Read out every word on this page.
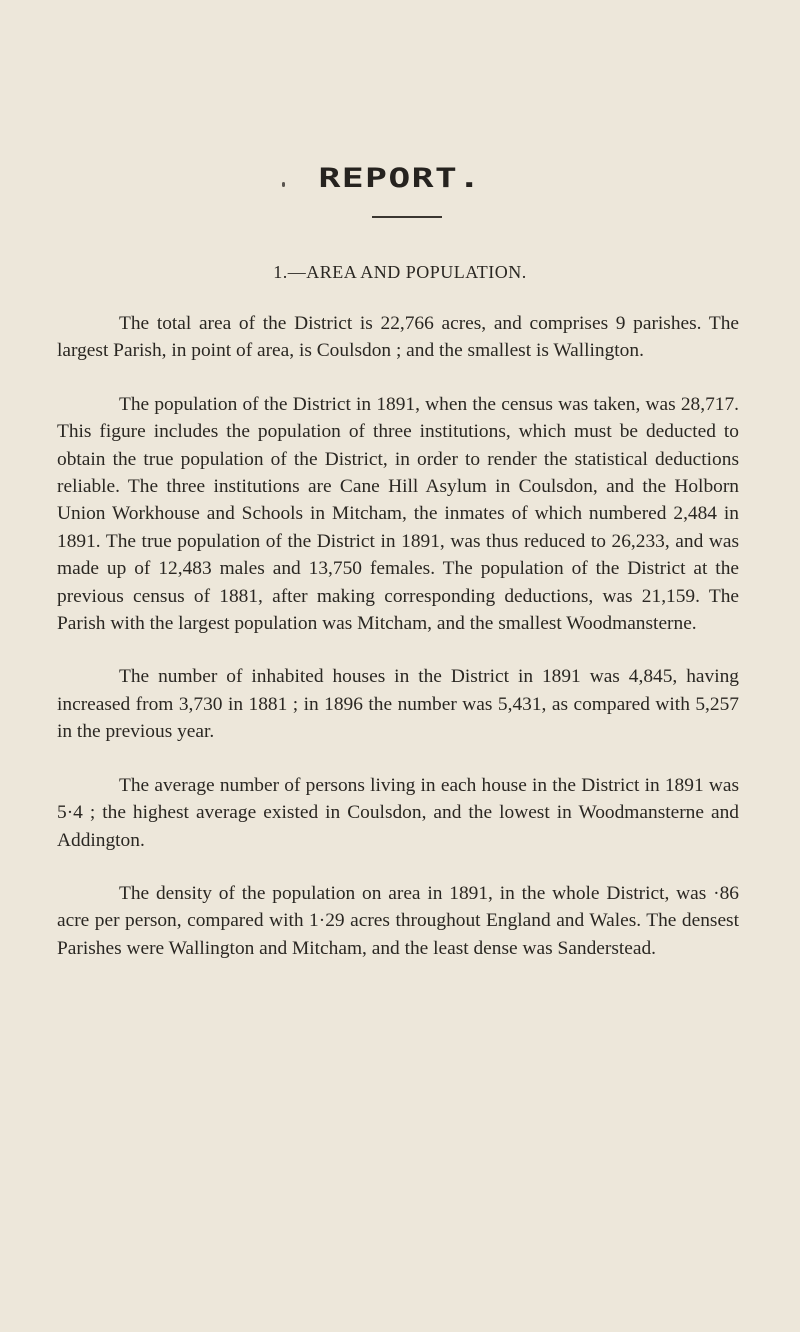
REPORT.
1.—AREA AND POPULATION.

The total area of the District is 22,766 acres, and comprises 9 parishes. The largest Parish, in point of area, is Coulsdon ; and the smallest is Wallington.

The population of the District in 1891, when the census was taken, was 28,717. This figure includes the population of three institutions, which must be deducted to obtain the true population of the District, in order to render the statistical deductions reliable. The three institutions are Cane Hill Asylum in Coulsdon, and the Holborn Union Workhouse and Schools in Mitcham, the inmates of which numbered 2,484 in 1891. The true population of the District in 1891, was thus reduced to 26,233, and was made up of 12,483 males and 13,750 females. The population of the District at the previous census of 1881, after making corresponding deductions, was 21,159. The Parish with the largest population was Mitcham, and the smallest Woodmansterne.

The number of inhabited houses in the District in 1891 was 4,845, having increased from 3,730 in 1881 ; in 1896 the number was 5,431, as compared with 5,257 in the previous year.

The average number of persons living in each house in the District in 1891 was 5·4 ; the highest average existed in Coulsdon, and the lowest in Woodmansterne and Addington.

The density of the population on area in 1891, in the whole District, was ·86 acre per person, compared with 1·29 acres throughout England and Wales. The densest Parishes were Wallington and Mitcham, and the least dense was Sanderstead.
